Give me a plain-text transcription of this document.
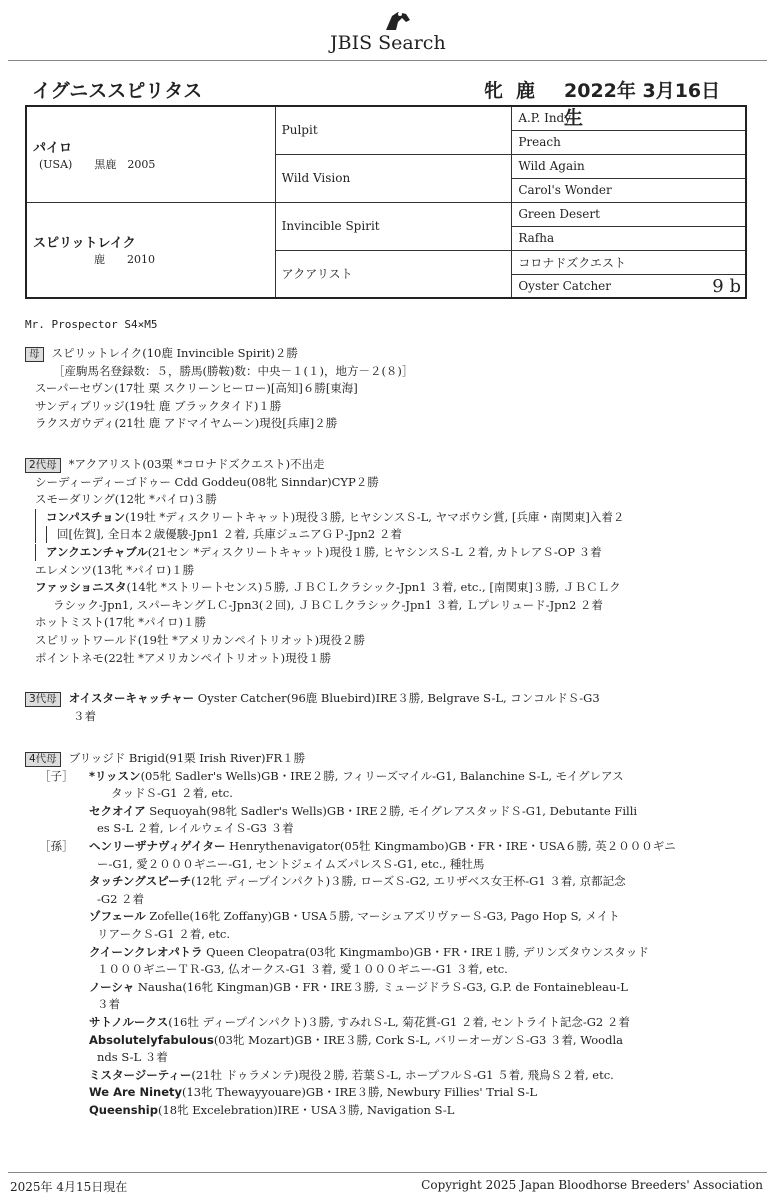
JBIS Search
イグニススピリタス	牝 鹿 2022年 3月16日生
パイロ
(USA)　　黒鹿　2005	Pulpit	A.P. Indy
		Preach
	Wild Vision	Wild Again
		Carol's Wonder

スピリットレイク
　　　　　鹿　　2010	Invincible Spirit	Green Desert
		Rafha
	アクアリスト	コロナドズクエスト
		Oyster Catcher 9 b
Mr. Prospector S4×M5
母 スピリットレイク(10鹿 Invincible Spirit)２勝
［産駒馬名登録数：５，勝馬(勝鞍)数：中央－１(１)，地方－２(８)］
スーパーセヴン(17牡 栗 スクリーンヒーロー)[高知]６勝[東海]
サンディブリッジ(19牡 鹿 ブラックタイド)１勝
ラクスガウディ(21牡 鹿 アドマイヤムーン)現役[兵庫]２勝
2代母 *アクアリスト(03栗 *コロナドズクエスト)不出走
シーディーディーゴドゥー Cdd Goddeu(08牝 Sinndar)CYP２勝
スモーダリング(12牝 *パイロ)３勝
コンパスチョン(19牡 *ディスクリートキャット)現役３勝, ヒヤシンスＳ-L, ヤマボウシ賞, [兵庫・南関東]入着２
回[佐賀], 全日本２歳優駿-Jpn1 ２着, 兵庫ジュニアＧＰ-Jpn2 ２着
アンクエンチャブル(21セン *ディスクリートキャット)現役１勝, ヒヤシンスＳ-L ２着, カトレアＳ-OP ３着
エレメンツ(13牝 *パイロ)１勝
ファッショニスタ(14牝 *ストリートセンス)５勝, ＪＢＣＬクラシック-Jpn1 ３着, etc., [南関東]３勝, ＪＢＣＬク
ラシック-Jpn1, スパーキングＬＣ-Jpn3(２回), ＪＢＣＬクラシック-Jpn1 ３着, Ｌプレリュード-Jpn2 ２着
ホットミスト(17牝 *パイロ)１勝
スピリットワールド(19牡 *アメリカンペイトリオット)現役２勝
ポイントネモ(22牡 *アメリカンペイトリオット)現役１勝
3代母 オイスターキャッチャー Oyster Catcher(96鹿 Bluebird)IRE３勝, Belgrave S-L, コンコルドＳ-G3
３着
4代母 ブリッジド Brigid(91栗 Irish River)FR１勝
［子］ *リッスン(05牝 Sadler's Wells)GB・IRE２勝, フィリーズマイル-G1, Balanchine S-L, モイグレアス
タッドＳ-G1 ２着, etc.
セクオイア Sequoyah(98牝 Sadler's Wells)GB・IRE２勝, モイグレアスタッドＳ-G1, Debutante Filli
es S-L ２着, レイルウェイＳ-G3 ３着
［孫］ ヘンリーザナヴィゲイター Henrythenavigator(05牡 Kingmambo)GB・FR・IRE・USA６勝, 英２０００ギニ
ー-G1, 愛２０００ギニー-G1, セントジェイムズパレスＳ-G1, etc., 種牡馬
タッチングスピーチ(12牝 ディープインパクト)３勝, ローズＳ-G2, エリザベス女王杯-G1 ３着, 京都記念
-G2 ２着
ゾフェール Zofelle(16牝 Zoffany)GB・USA５勝, マーシュアズリヴァーＳ-G3, Pago Hop S, メイト
リアークＳ-G1 ２着, etc.
クイーンクレオパトラ Queen Cleopatra(03牝 Kingmambo)GB・FR・IRE１勝, デリンズタウンスタッド
１０００ギニーＴＲ-G3, 仏オークス-G1 ３着, 愛１０００ギニー-G1 ３着, etc.
ノーシャ Nausha(16牝 Kingman)GB・FR・IRE３勝, ミュージドラＳ-G3, G.P. de Fontainebleau-L
３着
サトノルークス(16牡 ディープインパクト)３勝, すみれＳ-L, 菊花賞-G1 ２着, セントライト記念-G2 ２着
Absolutelyfabulous(03牝 Mozart)GB・IRE３勝, Cork S-L, バリーオーガンＳ-G3 ３着, Woodla
nds S-L ３着
ミスタージーティー(21牡 ドゥラメンテ)現役２勝, 若葉Ｓ-L, ホープフルＳ-G1 ５着, 飛鳥Ｓ２着, etc.
We Are Ninety(13牝 Thewayyouare)GB・IRE３勝, Newbury Fillies' Trial S-L
Queenship(18牝 Excelebration)IRE・USA３勝, Navigation S-L
2025年 4月15日現在	Copyright 2025 Japan Bloodhorse Breeders' Association
